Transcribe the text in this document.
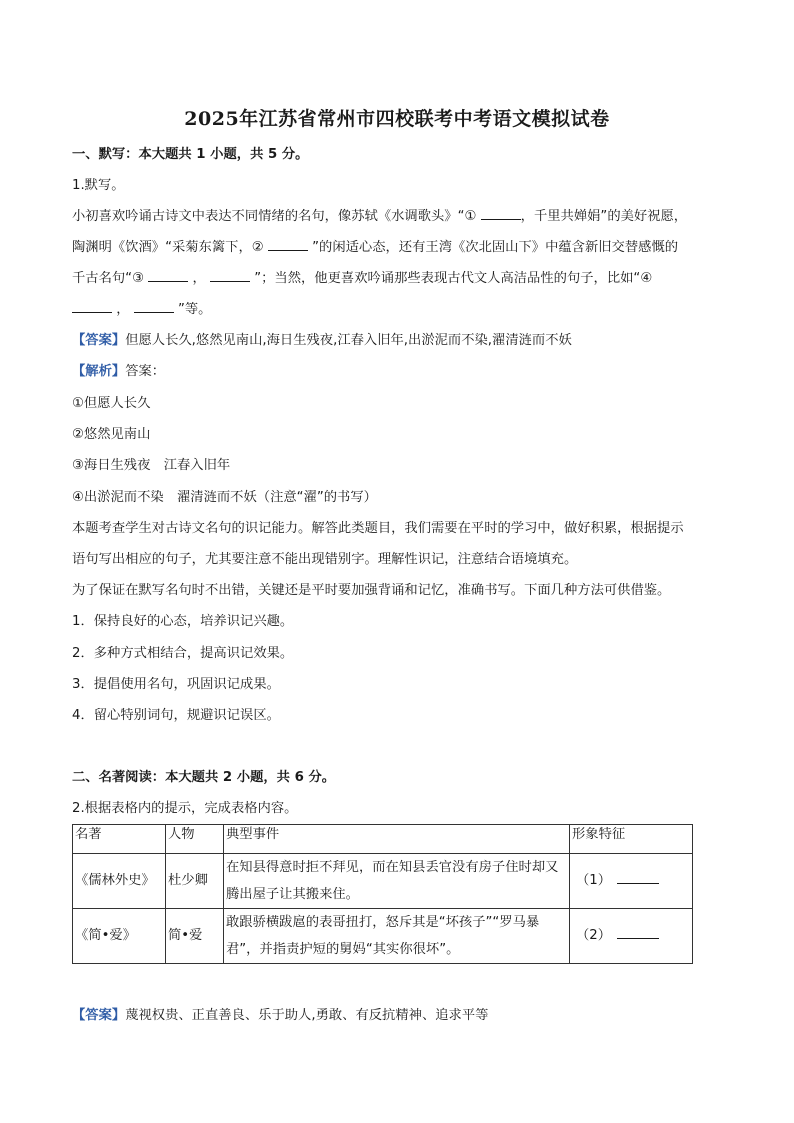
2025年江苏省常州市四校联考中考语文模拟试卷
一、默写：本大题共 1 小题，共 5 分。
1.默写。
小初喜欢吟诵古诗文中表达不同情绪的名句，像苏轼《水调歌头》“①	，千里共婵娟”的美好祝愿，
陶渊明《饮酒》“采菊东篱下，②	”的闲适心态，还有王湾《次北固山下》中蕴含新旧交替感慨的
千古名句“③	，	”；当然，他更喜欢吟诵那些表现古代文人高洁品性的句子，比如“④
，	”等。
【答案】但愿人长久,悠然见南山,海日生残夜,江春入旧年,出淤泥而不染,濯清涟而不妖
【解析】答案：
①但愿人长久
②悠然见南山
③海日生残夜　江春入旧年
④出淤泥而不染　濯清涟而不妖（注意“濯”的书写）
本题考查学生对古诗文名句的识记能力。解答此类题目，我们需要在平时的学习中，做好积累，根据提示
语句写出相应的句子，尤其要注意不能出现错别字。理解性识记，注意结合语境填充。
为了保证在默写名句时不出错，关键还是平时要加强背诵和记忆，准确书写。下面几种方法可供借鉴。
1．保持良好的心态，培养识记兴趣。
2．多种方式相结合，提高识记效果。
3．提倡使用名句，巩固识记成果。
4．留心特别词句，规避识记误区。
二、名著阅读：本大题共 2 小题，共 6 分。
2.根据表格内的提示，完成表格内容。
名著	人物	典型事件	形象特征
《儒林外史》	杜少卿	在知县得意时拒不拜见，而在知县丢官没有房子住时却又
腾出屋子让其搬来住。	（1）
《简•爱》	简•爱	敢跟骄横跋扈的表哥扭打，怒斥其是“坏孩子”“罗马暴
君”，并指责护短的舅妈“其实你很坏”。	（2）
【答案】蔑视权贵、正直善良、乐于助人,勇敢、有反抗精神、追求平等
